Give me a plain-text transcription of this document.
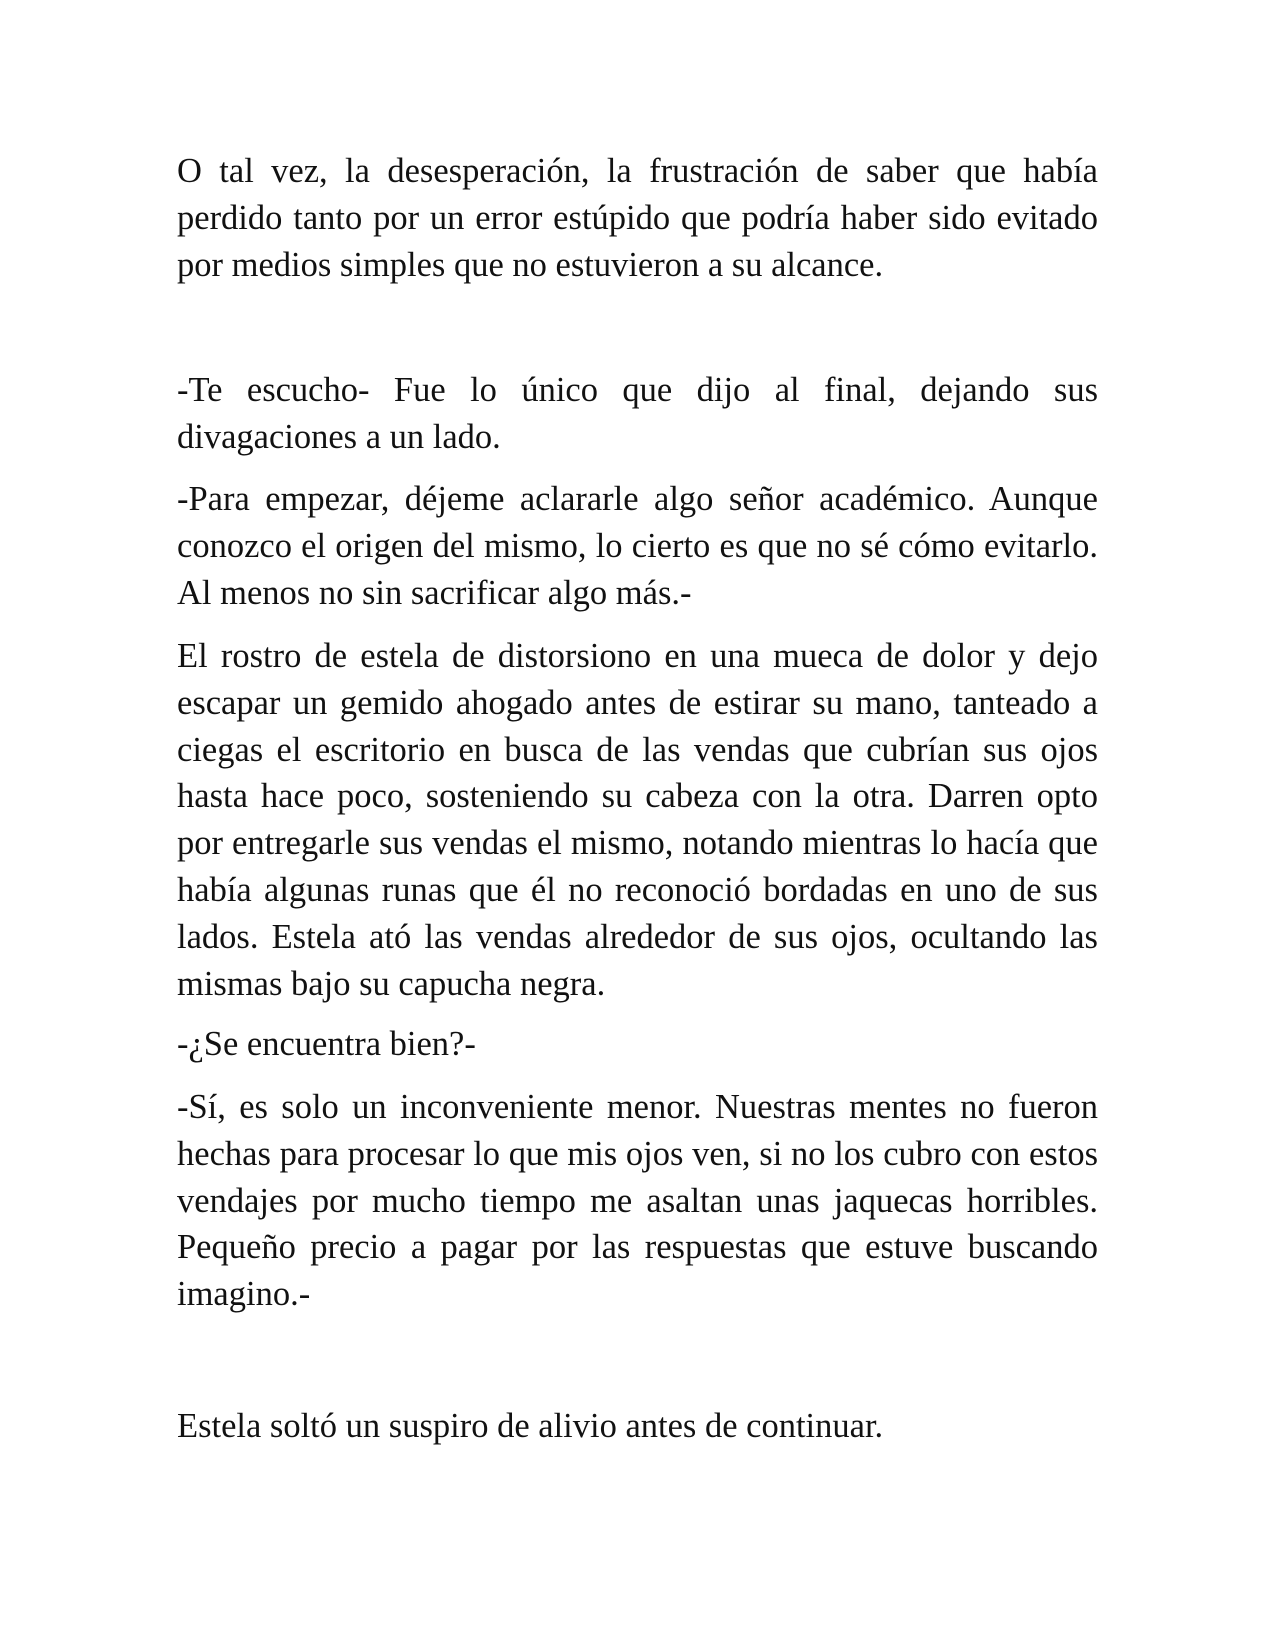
O tal vez, la desesperación, la frustración de saber que había perdido tanto por un error estúpido que podría haber sido evitado por medios simples que no estuvieron a su alcance.

-Te escucho- Fue lo único que dijo al final, dejando sus divagaciones a un lado.

-Para empezar, déjeme aclararle algo señor académico. Aunque conozco el origen del mismo, lo cierto es que no sé cómo evitarlo. Al menos no sin sacrificar algo más.-

El rostro de estela de distorsiono en una mueca de dolor y dejo escapar un gemido ahogado antes de estirar su mano, tanteado a ciegas el escritorio en busca de las vendas que cubrían sus ojos hasta hace poco, sosteniendo su cabeza con la otra. Darren opto por entregarle sus vendas el mismo, notando mientras lo hacía que había algunas runas que él no reconoció bordadas en uno de sus lados. Estela ató las vendas alrededor de sus ojos, ocultando las mismas bajo su capucha negra.

-¿Se encuentra bien?-

-Sí, es solo un inconveniente menor. Nuestras mentes no fueron hechas para procesar lo que mis ojos ven, si no los cubro con estos vendajes por mucho tiempo me asaltan unas jaquecas horribles. Pequeño precio a pagar por las respuestas que estuve buscando imagino.-

Estela soltó un suspiro de alivio antes de continuar.
